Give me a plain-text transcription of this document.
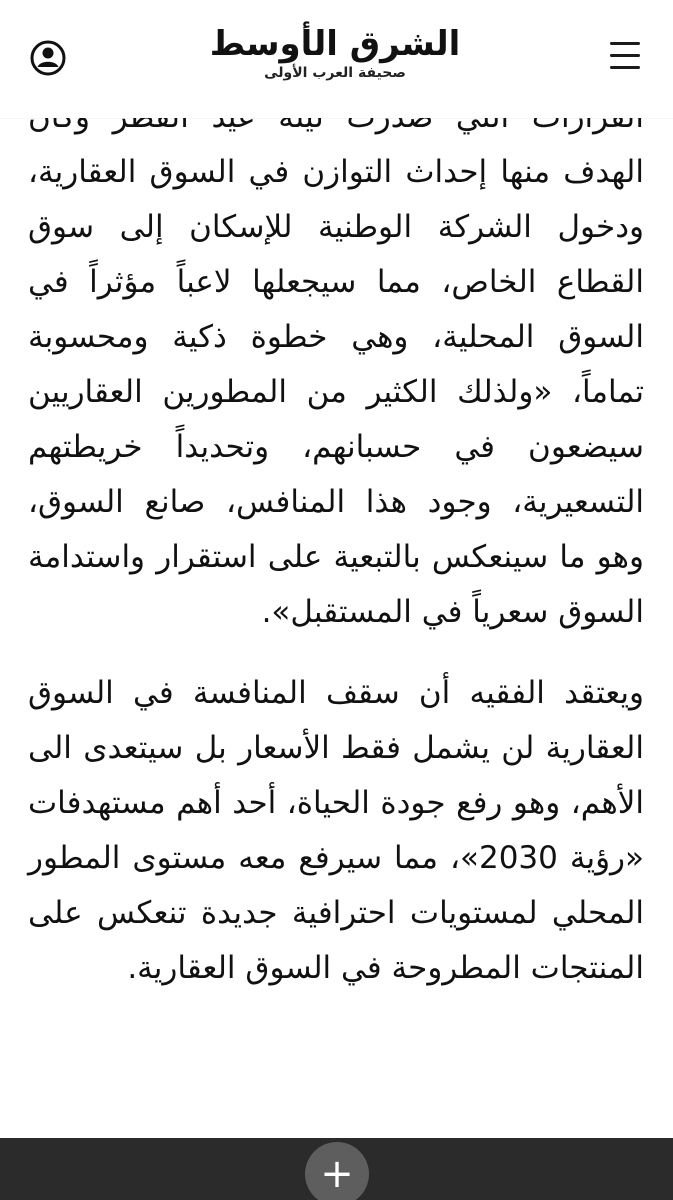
الشرق الأوسط
صحيفة العرب الأولى

الهدف منها إحداث التوازن في السوق العقارية، ودخول الشركة الوطنية للإسكان إلى سوق القطاع الخاص، مما سيجعلها لاعباً مؤثراً في السوق المحلية، وهي خطوة ذكية ومحسوبة تماماً، «ولذلك الكثير من المطورين العقاريين سيضعون في حسبانهم، وتحديداً خريطتهم التسعيرية، وجود هذا المنافس، صانع السوق، وهو ما سينعكس بالتبعية على استقرار واستدامة السوق سعرياً في المستقبل».

ويعتقد الفقيه أن سقف المنافسة في السوق العقارية لن يشمل فقط الأسعار بل سيتعدى الى الأهم، وهو رفع جودة الحياة، أحد أهم مستهدفات «رؤية 2030»، مما سيرفع معه مستوى المطور المحلي لمستويات احترافية جديدة تنعكس على المنتجات المطروحة في السوق العقارية.

+
